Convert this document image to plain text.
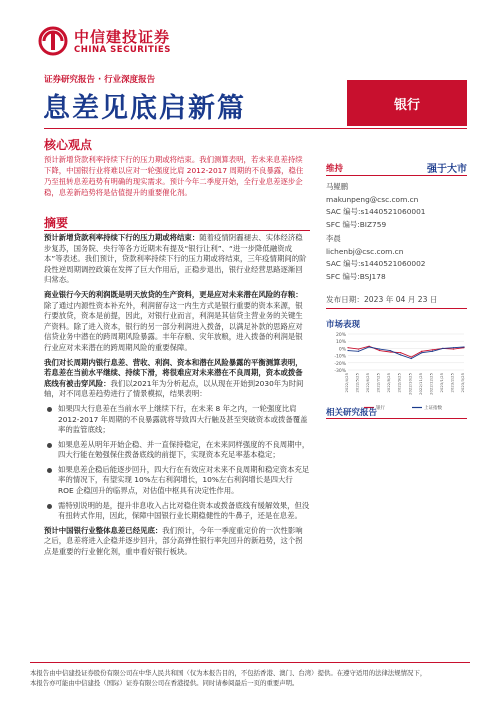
中信建投证券
CHINA SECURITIES
证券研究报告 · 行业深度报告
息差见底启新篇	银行
核心观点
预计新增贷款利率持续下行的压力期或将结束。我们测算表明，若未来息差持续下降，中国银行业将难以应对一轮强度比肩 2012-2017 周期的不良暴露，稳住乃至扭转息差趋势有明确的现实需求。预计今年二季度开始，全行业息差逐步企稳，息差新趋势将是估值提升的重要催化剂。
摘要

预计新增贷款利率持续下行的压力期或将结束：随着疫情阴霾褪去、实体经济稳步复苏，国务院、央行等各方近期未有提及“银行让利”、“进一步降低融资成本”等表述。我们预计，贷款利率持续下行的压力期或将结束，三年疫情期间的阶段性逆周期调控政策在发挥了巨大作用后，正稳步退出，银行业经营思路逐渐回归常态。

商业银行今天的利润既是明天放贷的生产资料，更是应对未来潜在风险的存粮：除了通过内源性资本补充外，利润留存这一内生方式是银行重要的资本来源，银行要放贷，资本是前提，因此，对银行业而言，利润是其信贷主营业务的关键生产资料。除了进入资本，银行的另一部分利润进入拨备，以满足补款的思路应对信贷业务中潜在的跨周期风险暴露。丰年存粮、灾年放粮，进入拨备的利润是银行业应对未来潜在的跨周期风险的重要保障。

我们对长周期内银行息差、营收、利润、资本和潜在风险暴露的平衡测算表明，若息差在当前水平继续、持续下滑，将很难应对未来潜在不良周期，资本或拨备底线有被击穿风险：我们以2021年为分析起点，以从现在开始到2030年为时间轴，对不同息差趋势进行了情景模拟，结果表明：

如果四大行息差在当前水平上继续下行，在未来 8 年之内，一轮强度比肩 2012-2017 年周期的不良暴露就将导致四大行触及甚至突破资本或拨备覆盖率的监管底线；
如果息差从明年开始企稳、并一直保持稳定，在未来同样强度的不良周期中，四大行能在勉强保住拨备底线的前提下，实现资本充足率基本稳定；
如果息差企稳后能逐步回升，四大行在有效应对未来不良周期和稳定资本充足率的情况下，有望实现 10%左右利润增长，10%左右利润增长是四大行 ROE 企稳回升的临界点，对估值中枢具有决定性作用。
需特别说明的是，提升非息收入占比对稳住资本或拨备底线有缓解效果，但没有扭转式作用，因此，保障中国银行业长期稳健性的牛鼻子，还是在息差。

预计中国银行业整体息差已经见底：我们预计，今年一季度重定价的一次性影响之后，息差将进入企稳并逐步回升，部分高弹性银行率先回升的新趋势，这个拐点是重要的行业催化剂，重申看好银行板块。

维持	强于大市
马鲲鹏
makunpeng@csc.com.cn
SAC 编号:s1440521060001
SFC 编号:BIZ759
李晨
lichenbj@csc.com.cn
SAC 编号:s1440521060002
SFC 编号:BSJ178
发布日期：2023 年 04 月 23 日
市场表现
20%
10%
0%
-10%
-20%
-30%
2022/4/25 2022/5/25 2022/6/25 2022/7/25 2022/8/25 2022/9/25 2022/10/25 2022/11/25 2022/12/25 2023/1/25 2023/2/25 2023/3/25
银行	上证指数
相关研究报告
本报告由中信建投证券股份有限公司在中华人民共和国（仅为本报告目的，不包括香港、澳门、台湾）提供。在遵守适用的法律法规情况下，
本报告亦可能由中信建投（国际）证券有限公司在香港提供。同时请参阅最后一页的重要声明。
